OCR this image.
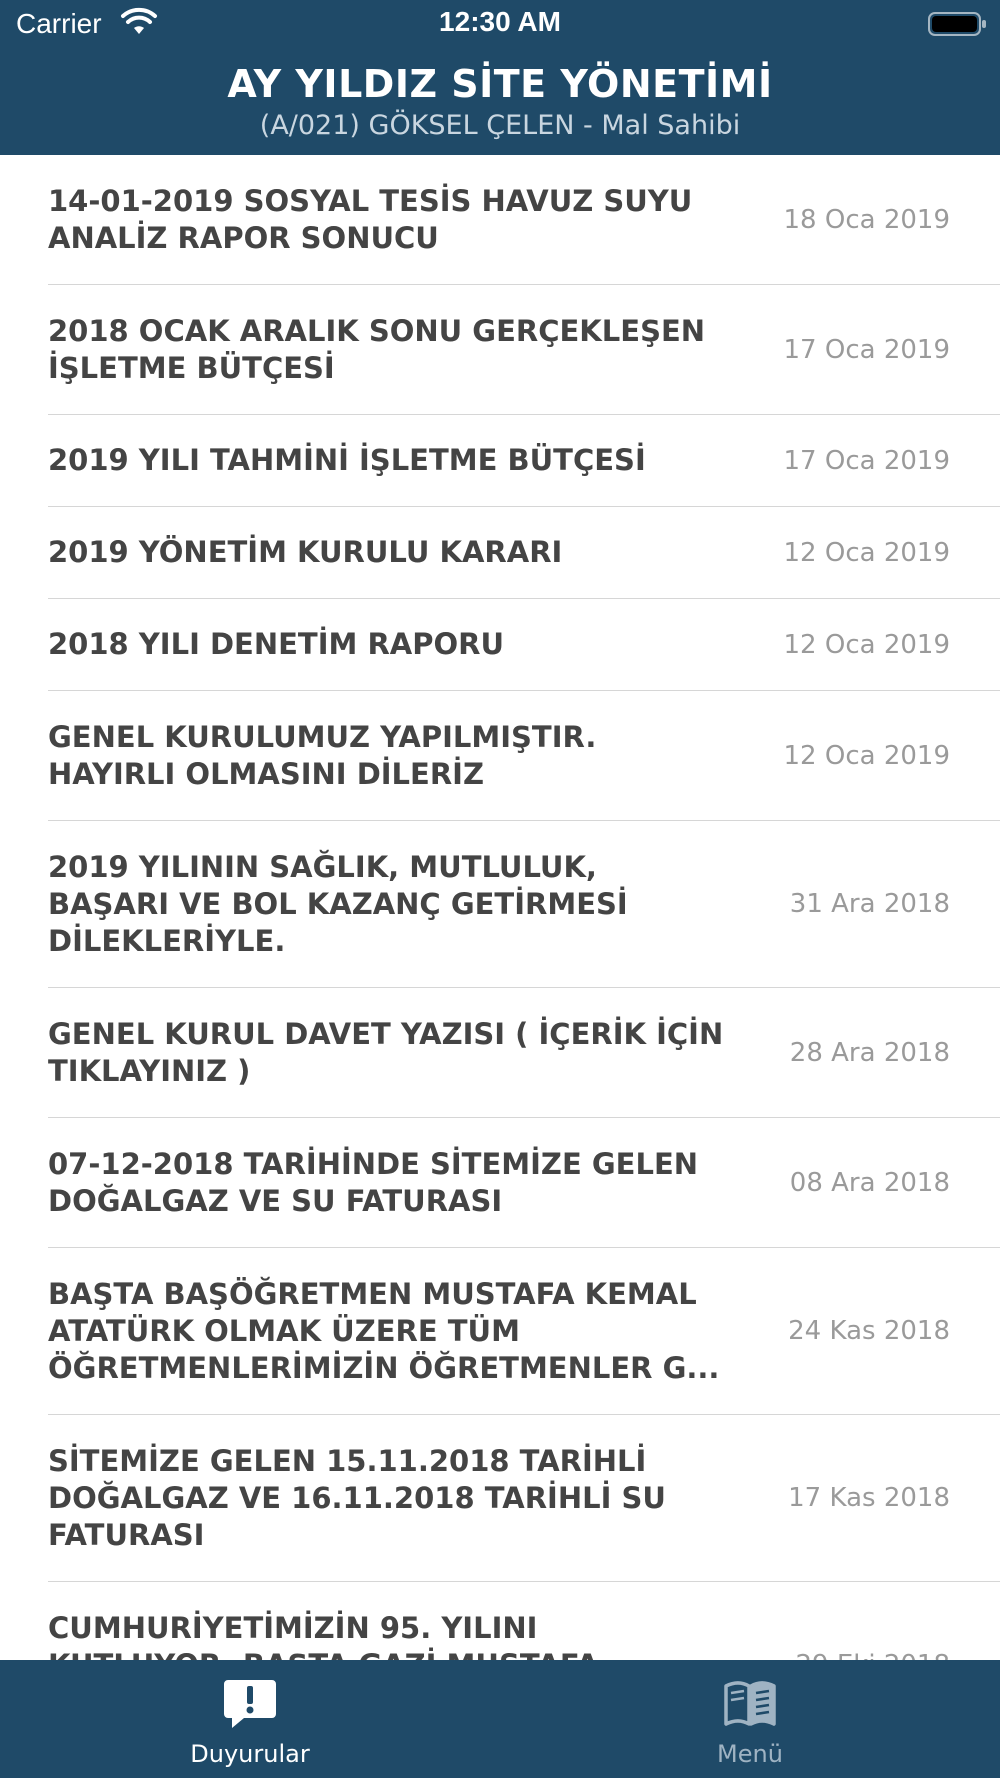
Carrier	12:30 AM
AY YILDIZ SİTE YÖNETİMİ
(A/021) GÖKSEL ÇELEN - Mal Sahibi
14-01-2019 SOSYAL TESİS HAVUZ SUYU
ANALİZ RAPOR SONUCU
18 Oca 2019
2018 OCAK ARALIK SONU GERÇEKLEŞEN
İŞLETME BÜTÇESİ
17 Oca 2019
2019 YILI TAHMİNİ İŞLETME BÜTÇESİ	17 Oca 2019
2019 YÖNETİM KURULU KARARI	12 Oca 2019
2018 YILI DENETİM RAPORU	12 Oca 2019
GENEL KURULUMUZ YAPILMIŞTIR.
HAYIRLI OLMASINI DİLERİZ
12 Oca 2019
2019 YILININ SAĞLIK, MUTLULUK,
BAŞARI VE BOL KAZANÇ GETİRMESİ
DİLEKLERİYLE.
31 Ara 2018
GENEL KURUL DAVET YAZISI ( İÇERİK İÇİN
TIKLAYINIZ )
28 Ara 2018
07-12-2018 TARİHİNDE SİTEMİZE GELEN
DOĞALGAZ VE SU FATURASI
08 Ara 2018
BAŞTA BAŞÖĞRETMEN MUSTAFA KEMAL
ATATÜRK OLMAK ÜZERE TÜM
ÖĞRETMENLERİMİZİN ÖĞRETMENLER G...
24 Kas 2018
SİTEMİZE GELEN 15.11.2018 TARİHLİ
DOĞALGAZ VE 16.11.2018 TARİHLİ SU
FATURASI
17 Kas 2018
CUMHURİYETİMİZİN 95. YILINI

Duyurular	Menü
